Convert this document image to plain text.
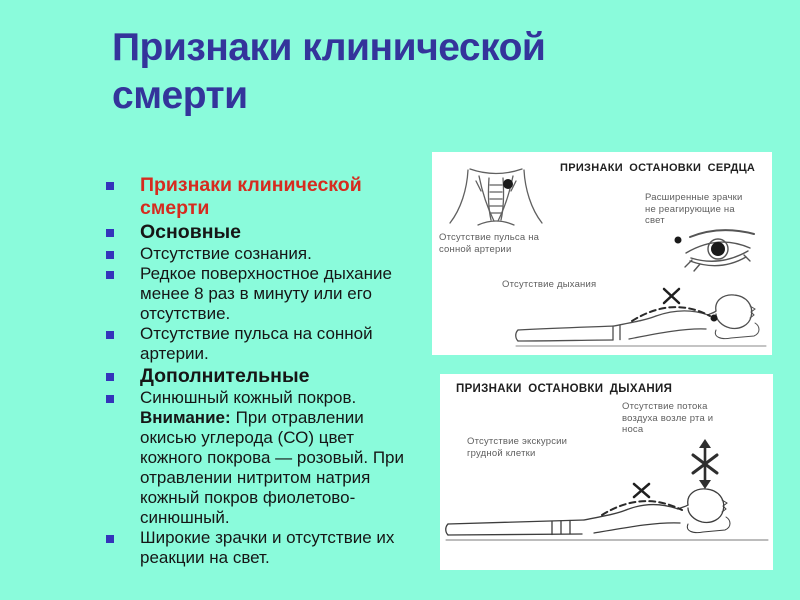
Признаки клинической смерти
Признаки клинической смерти
Основные
Отсутствие сознания.
Редкое поверхностное дыхание менее 8 раз в минуту или его отсутствие.
Отсутствие пульса на сонной артерии.
Дополнительные
Синюшный кожный покров.
Внимание: При отравлении окисью углерода (СО) цвет кожного покрова — розовый. При отравлении нитритом натрия кожный покров фиолетово-синюшный.
Широкие зрачки и отсутствие их реакции на свет.
ПРИЗНАКИ ОСТАНОВКИ СЕРДЦА
Отсутствие пульса на сонной артерии
Расширенные зрачки не реагирующие на свет
Отсутствие дыхания
ПРИЗНАКИ ОСТАНОВКИ ДЫХАНИЯ
Отсутствие потока воздуха возле рта и носа
Отсутствие экскурсии грудной клетки
